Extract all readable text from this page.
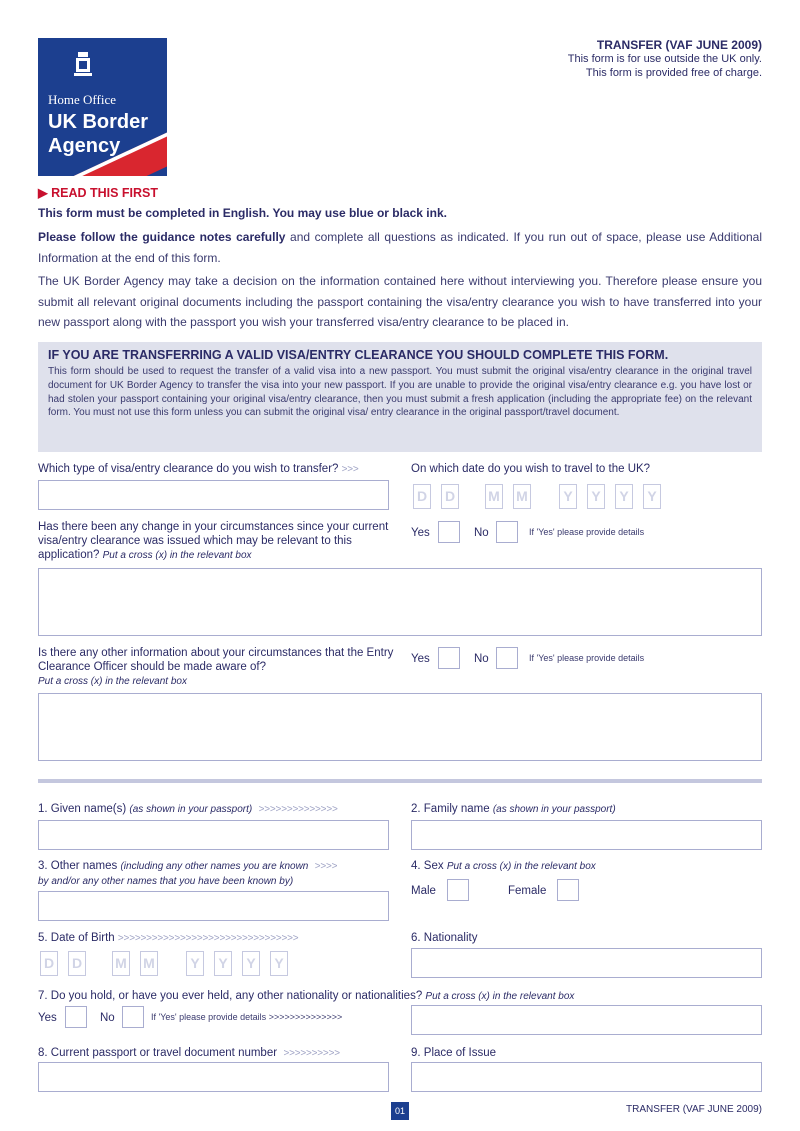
Home Office
UK Border
Agency
TRANSFER (VAF JUNE 2009)
This form is for use outside the UK only.
This form is provided free of charge.
▶ READ THIS FIRST
This form must be completed in English. You may use blue or black ink.
Please follow the guidance notes carefully and complete all questions as indicated. If you run out of space, please use Additional Information at the end of this form.
The UK Border Agency may take a decision on the information contained here without interviewing you. Therefore please ensure you submit all relevant original documents including the passport containing the visa/entry clearance you wish to have transferred into your new passport along with the passport you wish your transferred visa/entry clearance to be placed in.
IF YOU ARE TRANSFERRING A VALID VISA/ENTRY CLEARANCE YOU SHOULD COMPLETE THIS FORM.
This form should be used to request the transfer of a valid visa into a new passport. You must submit the original visa/entry clearance in the original travel document for UK Border Agency to transfer the visa into your new passport. If you are unable to provide the original visa/entry clearance e.g. you have lost or had stolen your passport containing your original visa/entry clearance, then you must submit a fresh application (including the appropriate fee) on the relevant form. You must not use this form unless you can submit the original visa/ entry clearance in the original passport/travel document.
Which type of visa/entry clearance do you wish to transfer? >>>	On which date do you wish to travel to the UK?
D D M M	Y	Y	Y	Y
Has there been any change in your circumstances since your current visa/entry clearance was issued which may be relevant to this application? Put a cross (x) in the relevant box
Yes	No	If 'Yes' please provide details
Is there any other information about your circumstances that the Entry Clearance Officer should be made aware of?
Put a cross (x) in the relevant box
Yes	No	If 'Yes' please provide details
1. Given name(s) (as shown in your passport) >>>>>>>>>>>>>>	2. Family name (as shown in your passport)
3. Other names (including any other names you are known >>>>
by and/or any other names that you have been known by)
4. Sex Put a cross (x) in the relevant box
Male	Female
5. Date of Birth >>>>>>>>>>>>>>>>>>>>>>>>>>>>>>>>
D D M M	Y	Y	Y	Y
6. Nationality
7. Do you hold, or have you ever held, any other nationality or nationalities? Put a cross (x) in the relevant box
Yes	No	If 'Yes' please provide details >>>>>>>>>>>>>>
8. Current passport or travel document number >>>>>>>>>>	9. Place of Issue
01	TRANSFER (VAF JUNE 2009)
